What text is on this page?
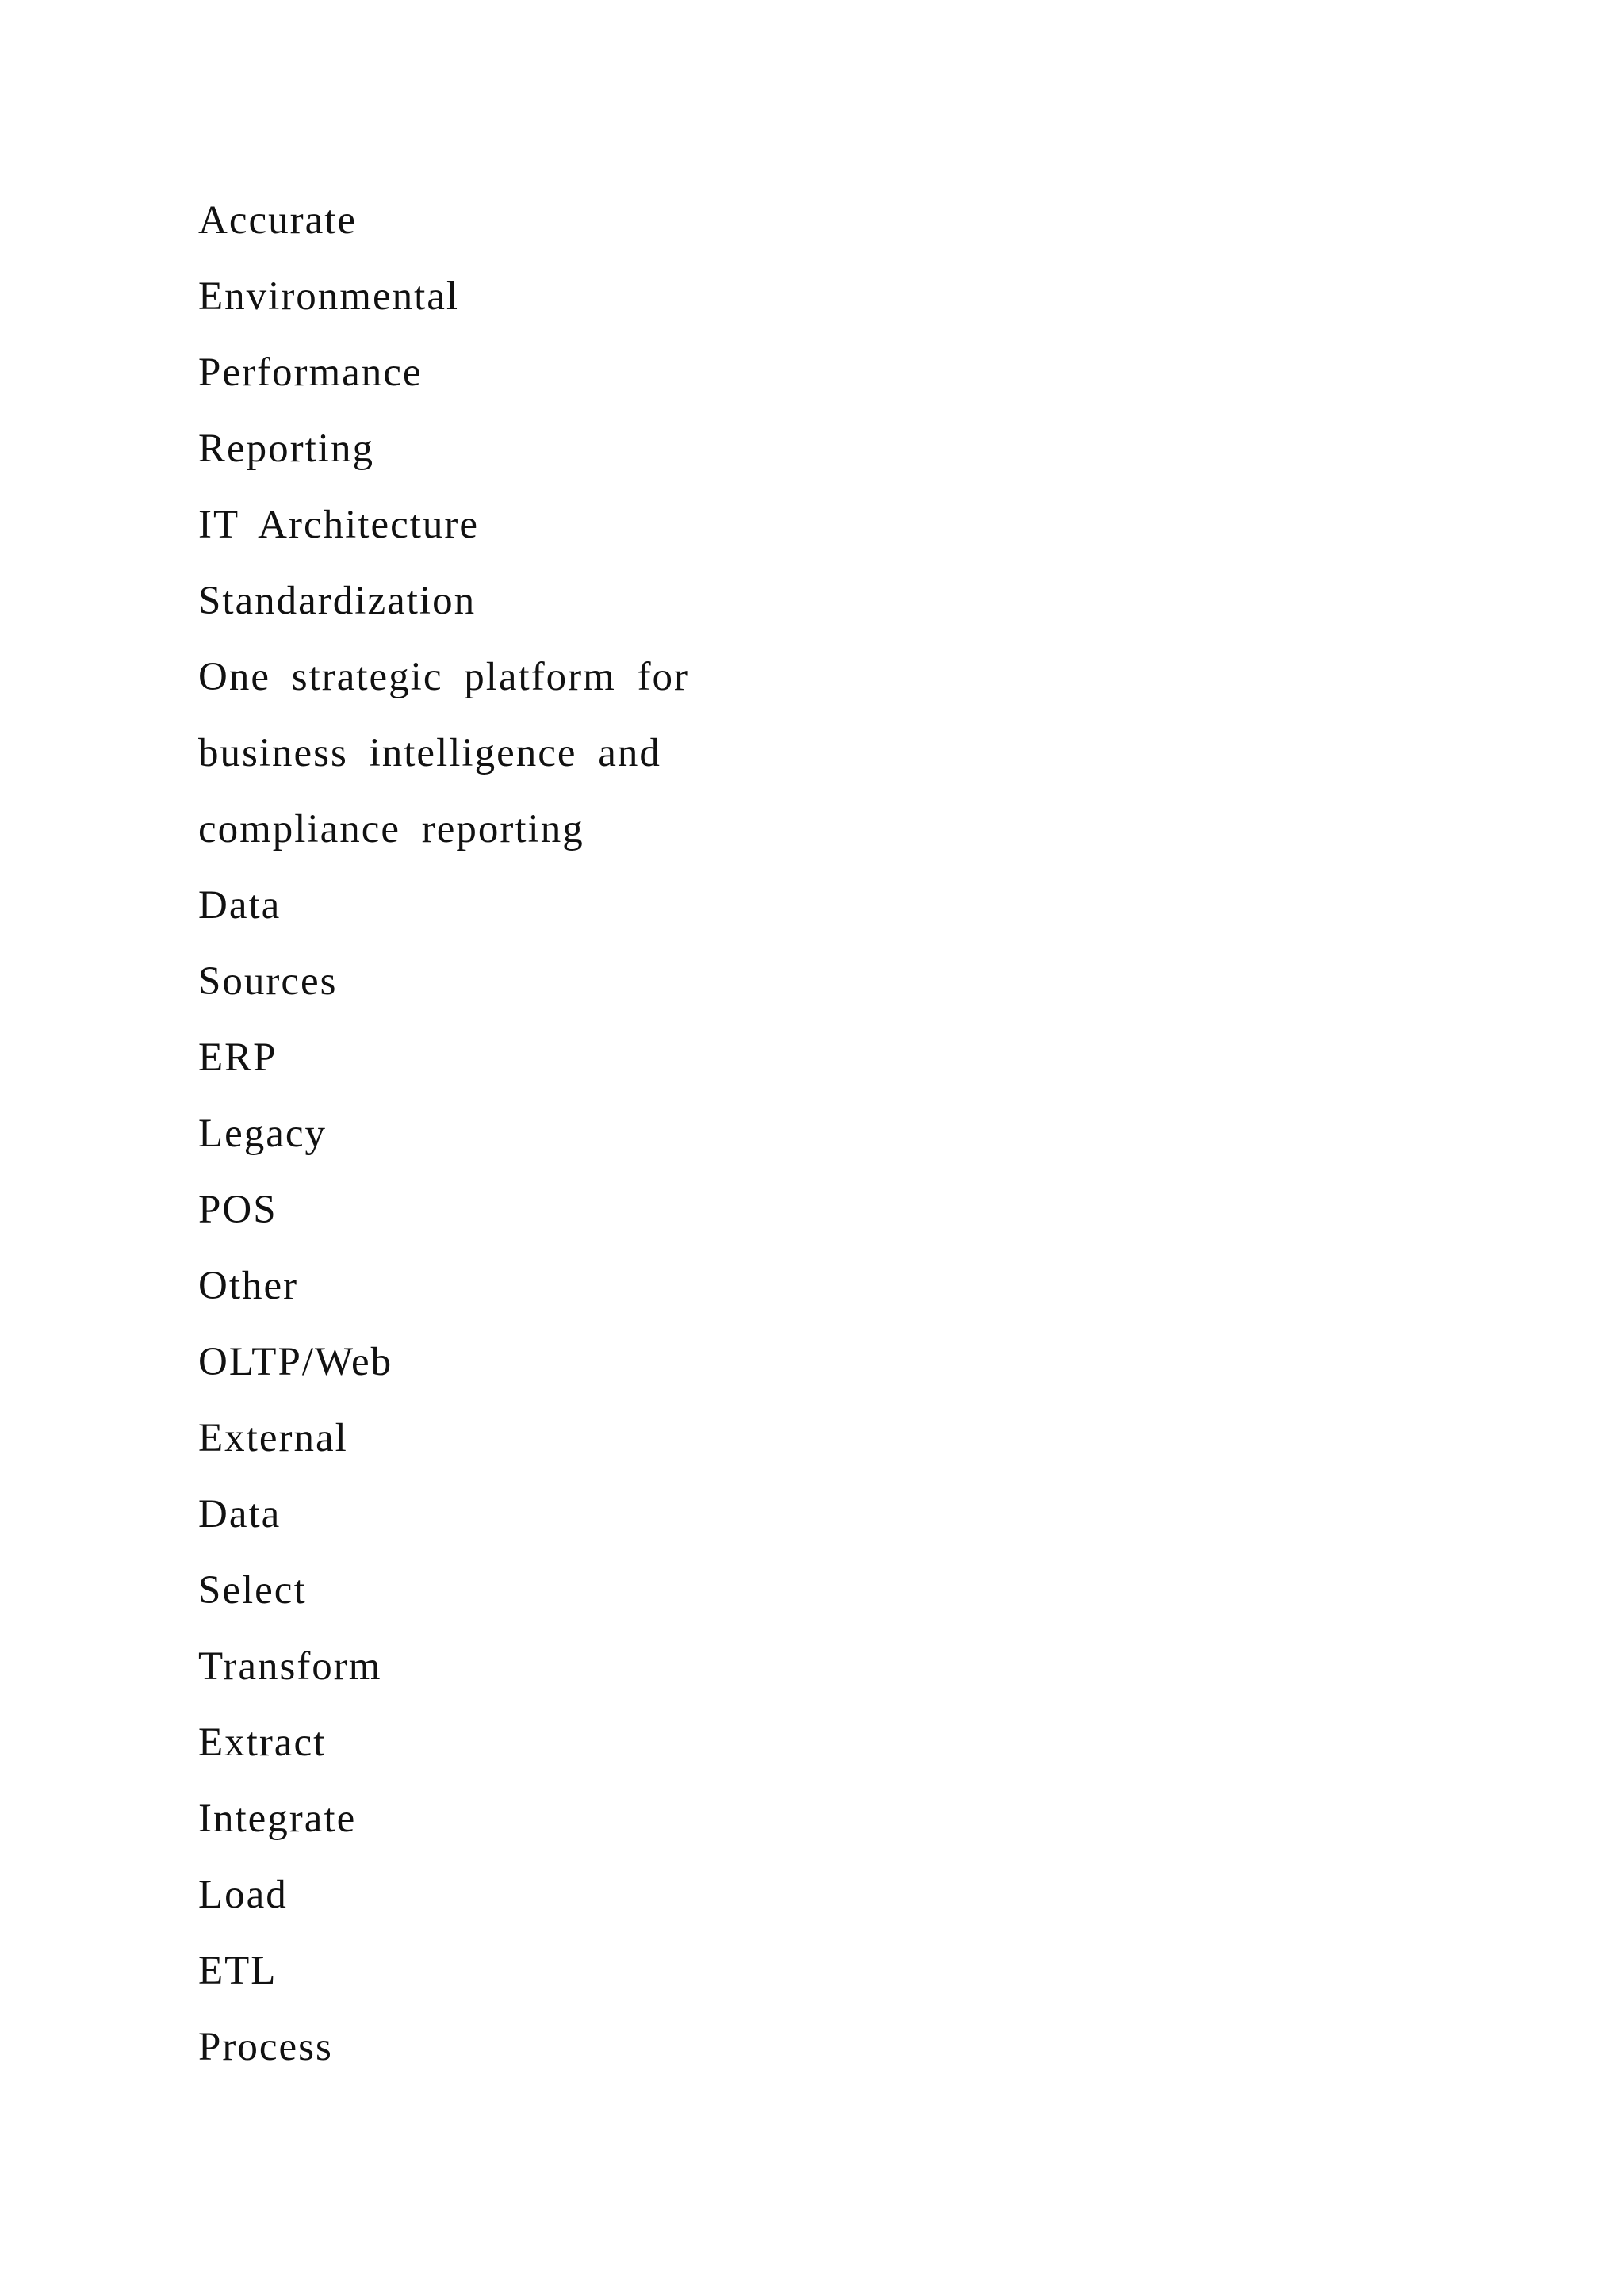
Accurate
Environmental
Performance
Reporting
IT Architecture
Standardization
One strategic platform for
business intelligence and
compliance reporting
Data
Sources
ERP
Legacy
POS
Other
OLTP/Web
External
Data
Select
Transform
Extract
Integrate
Load
ETL
Process
